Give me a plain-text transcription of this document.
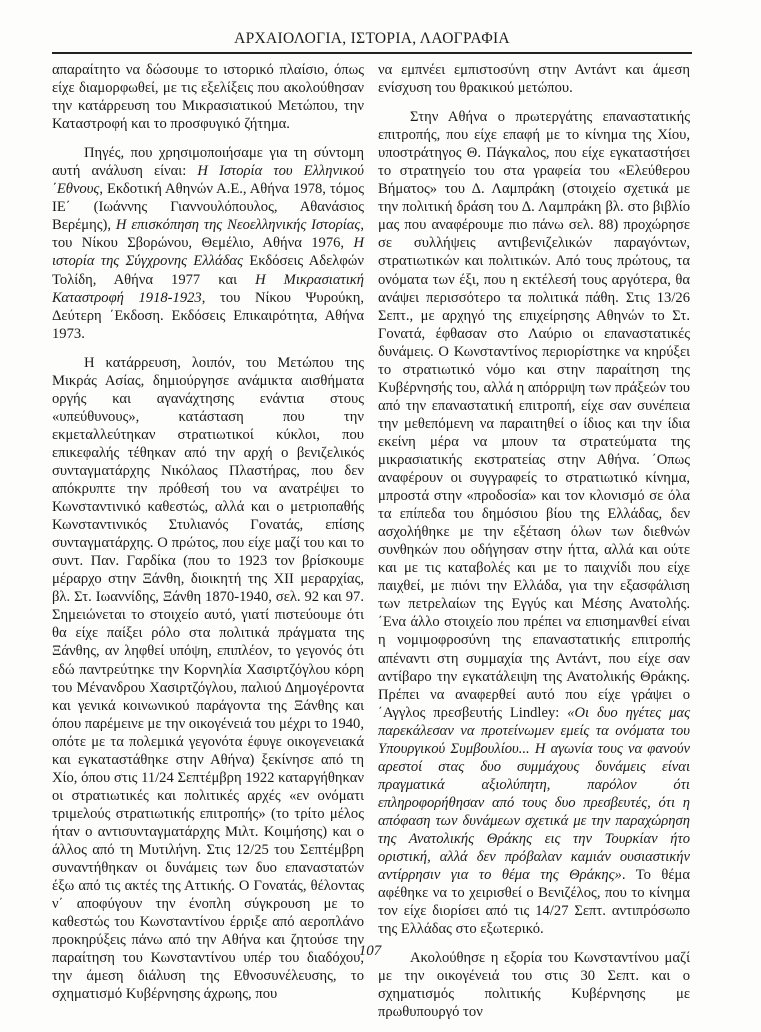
ΑΡΧΑΙΟΛΟΓΙΑ, ΙΣΤΟΡΙΑ, ΛΑΟΓΡΑΦΙΑ

απαραίτητο να δώσουμε το ιστορικό πλαίσιο, όπως είχε διαμορφωθεί, με τις εξελίξεις που ακολούθησαν την κατάρρευση του Μικρασιατικού Μετώπου, την Καταστροφή και το προσφυγικό ζήτημα.

Πηγές, που χρησιμοποιήσαμε για τη σύντομη αυτή ανάλυση είναι: Η Ιστορία του Ελληνικού ΄Εθνους, Εκδοτική Αθηνών Α.Ε., Αθήνα 1978, τόμος ΙΕ΄ (Ιωάννης Γιαννουλόπουλος, Αθανάσιος Βερέμης), Η επισκόπηση της Νεοελληνικής Ιστορίας, του Νίκου Σβορώνου, Θεμέλιο, Αθήνα 1976, Η ιστορία της Σύγχρονης Ελλάδας Εκδόσεις Αδελφών Τολίδη, Αθήνα 1977 και Η Μικρασιατική Καταστροφή 1918-1923, του Νίκου Ψυρούκη, Δεύτερη ΄Εκδοση. Εκδόσεις Επικαιρότητα, Αθήνα 1973.

Η κατάρρευση, λοιπόν, του Μετώπου της Μικράς Ασίας, δημιούργησε ανάμικτα αισθήματα οργής και αγανάχτησης ενάντια στους «υπεύθυνους», κατάσταση που την εκμεταλλεύτηκαν στρατιωτικοί κύκλοι, που επικεφαλής τέθηκαν από την αρχή ο βενιζελικός συνταγματάρχης Νικόλαος Πλαστήρας, που δεν απόκρυπτε την πρόθεσή του να ανατρέψει το Κωνσταντινικό καθεστώς, αλλά και ο μετριοπαθής Κωνσταντινικός Στυλιανός Γονατάς, επίσης συνταγματάρχης. Ο πρώτος, που είχε μαζί του και το συντ. Παν. Γαρδίκα (που το 1923 τον βρίσκουμε μέραρχο στην Ξάνθη, διοικητή της ΧΙΙ μεραρχίας, βλ. Στ. Ιωαννίδης, Ξάνθη 1870-1940, σελ. 92 και 97. Σημειώνεται το στοιχείο αυτό, γιατί πιστεύουμε ότι θα είχε παίξει ρόλο στα πολιτικά πράγματα της Ξάνθης, αν ληφθεί υπόψη, επιπλέον, το γεγονός ότι εδώ παντρεύτηκε την Κορνηλία Χασιρτζόγλου κόρη του Μένανδρου Χασιρτζόγλου, παλιού Δημογέροντα και γενικά κοινωνικού παράγοντα της Ξάνθης και όπου παρέμεινε με την οικογένειά του μέχρι το 1940, οπότε με τα πολεμικά γεγονότα έφυγε οικογενειακά και εγκαταστάθηκε στην Αθήνα) ξεκίνησε από τη Χίο, όπου στις 11/24 Σεπτέμβρη 1922 καταργήθηκαν οι στρατιωτικές και πολιτικές αρχές «εν ονόματι τριμελούς στρατιωτικής επιτροπής» (το τρίτο μέλος ήταν ο αντισυνταγματάρχης Μιλτ. Κοιμήσης) και ο άλλος από τη Μυτιλήνη. Στις 12/25 του Σεπτέμβρη συναντήθηκαν οι δυνάμεις των δυο επαναστατών έξω από τις ακτές της Αττικής. Ο Γονατάς, θέλοντας ν΄ αποφύγουν την ένοπλη σύγκρουση με το καθεστώς του Κωνσταντίνου έρριξε από αεροπλάνο προκηρύξεις πάνω από την Αθήνα και ζητούσε την παραίτηση του Κωνσταντίνου υπέρ του διαδόχου, την άμεση διάλυση της Εθνοσυνέλευσης, το σχηματισμό Κυβέρνησης άχρωης, που

να εμπνέει εμπιστοσύνη στην Αντάντ και άμεση ενίσχυση του θρακικού μετώπου.

Στην Αθήνα ο πρωτεργάτης επαναστατικής επιτροπής, που είχε επαφή με το κίνημα της Χίου, υποστράτηγος Θ. Πάγκαλος, που είχε εγκαταστήσει το στρατηγείο του στα γραφεία του «Ελεύθερου Βήματος» του Δ. Λαμπράκη (στοιχείο σχετικά με την πολιτική δράση του Δ. Λαμπράκη βλ. στο βιβλίο μας που αναφέρουμε πιο πάνω σελ. 88) προχώρησε σε συλλήψεις αντιβενιζελικών παραγόντων, στρατιωτικών και πολιτικών. Από τους πρώτους, τα ονόματα των έξι, που η εκτέλεσή τους αργότερα, θα ανάψει περισσότερο τα πολιτικά πάθη. Στις 13/26 Σεπτ., με αρχηγό της επιχείρησης Αθηνών το Στ. Γονατά, έφθασαν στο Λαύριο οι επαναστατικές δυνάμεις. Ο Κωνσταντίνος περιορίστηκε να κηρύξει το στρατιωτικό νόμο και στην παραίτηση της Κυβέρνησής του, αλλά η απόρριψη των πράξεών του από την επαναστατική επιτροπή, είχε σαν συνέπεια την μεθεπόμενη να παραιτηθεί ο ίδιος και την ίδια εκείνη μέρα να μπουν τα στρατεύματα της μικρασιατικής εκστρατείας στην Αθήνα. ΄Οπως αναφέρουν οι συγγραφείς το στρατιωτικό κίνημα, μπροστά στην «προδοσία» και τον κλονισμό σε όλα τα επίπεδα του δημόσιου βίου της Ελλάδας, δεν ασχολήθηκε με την εξέταση όλων των διεθνών συνθηκών που οδήγησαν στην ήττα, αλλά και ούτε και με τις καταβολές και με το παιχνίδι που είχε παιχθεί, με πιόνι την Ελλάδα, για την εξασφάλιση των πετρελαίων της Εγγύς και Μέσης Ανατολής. ΄Ενα άλλο στοιχείο που πρέπει να επισημανθεί είναι η νομιμοφροσύνη της επαναστατικής επιτροπής απέναντι στη συμμαχία της Αντάντ, που είχε σαν αντίβαρο την εγκατάλειψη της Ανατολικής Θράκης. Πρέπει να αναφερθεί αυτό που είχε γράψει ο ΄Αγγλος πρεσβευτής Lindley: «Οι δυο ηγέτες μας παρεκάλεσαν να προτείνωμεν εμείς τα ονόματα του Υπουργικού Συμβουλίου... Η αγωνία τους να φανούν αρεστοί στας δυο συμμάχους δυνάμεις είναι πραγματικά αξιολύπητη, παρόλον ότι επληροφορήθησαν από τους δυο πρεσβευτές, ότι η απόφαση των δυνάμεων σχετικά με την παραχώρηση της Ανατολικής Θράκης εις την Τουρκίαν ήτο οριστική, αλλά δεν πρόβαλαν καμιάν ουσιαστικήν αντίρρησιν για το θέμα της Θράκης». Το θέμα αφέθηκε να το χειρισθεί ο Βενιζέλος, που το κίνημα τον είχε διορίσει από τις 14/27 Σεπτ. αντιπρόσωπο της Ελλάδας στο εξωτερικό.

Ακολούθησε η εξορία του Κωνσταντίνου μαζί με την οικογένειά του στις 30 Σεπτ. και ο σχηματισμός πολιτικής Κυβέρνησης με πρωθυπουργό τον

107
